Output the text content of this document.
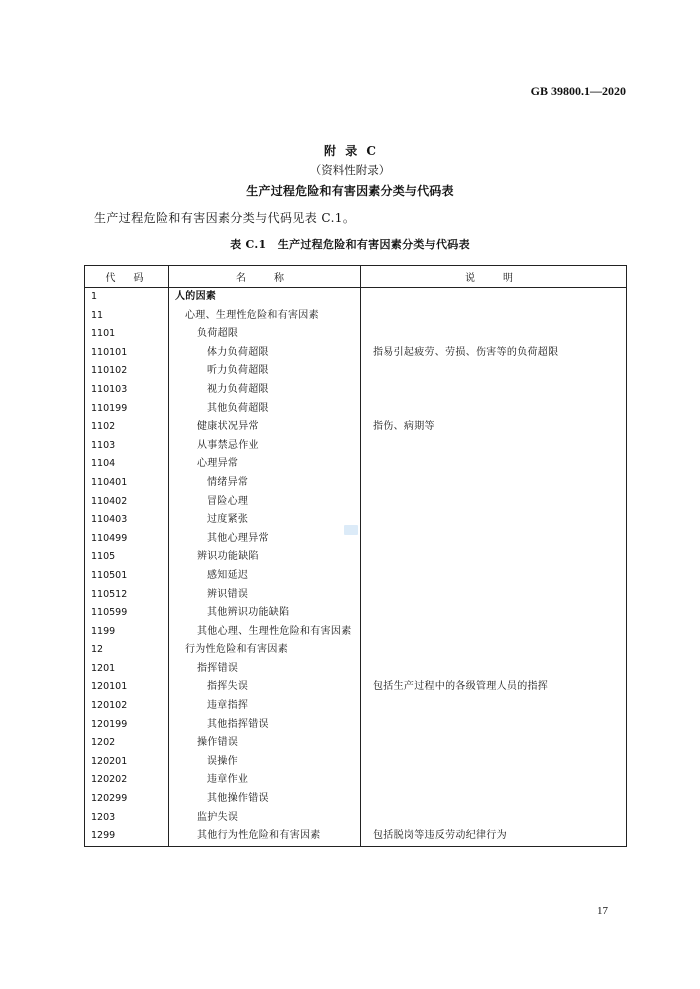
GB 39800.1—2020
附 录 C
（资料性附录）
生产过程危险和有害因素分类与代码表
生产过程危险和有害因素分类与代码见表 C.1。
表 C.1　生产过程危险和有害因素分类与代码表
代　码	名　称	说　明
1	人的因素	
11	心理、生理性危险和有害因素	
1101	负荷超限	
110101	体力负荷超限	指易引起疲劳、劳损、伤害等的负荷超限
110102	听力负荷超限	
110103	视力负荷超限	
110199	其他负荷超限	
1102	健康状况异常	指伤、病期等
1103	从事禁忌作业	
1104	心理异常	
110401	情绪异常	
110402	冒险心理	
110403	过度紧张	
110499	其他心理异常	
1105	辨识功能缺陷	
110501	感知延迟	
110512	辨识错误	
110599	其他辨识功能缺陷	
1199	其他心理、生理性危险和有害因素	
12	行为性危险和有害因素	
1201	指挥错误	
120101	指挥失误	包括生产过程中的各级管理人员的指挥
120102	违章指挥	
120199	其他指挥错误	
1202	操作错误	
120201	误操作	
120202	违章作业	
120299	其他操作错误	
1203	监护失误	
1299	其他行为性危险和有害因素	包括脱岗等违反劳动纪律行为
17
